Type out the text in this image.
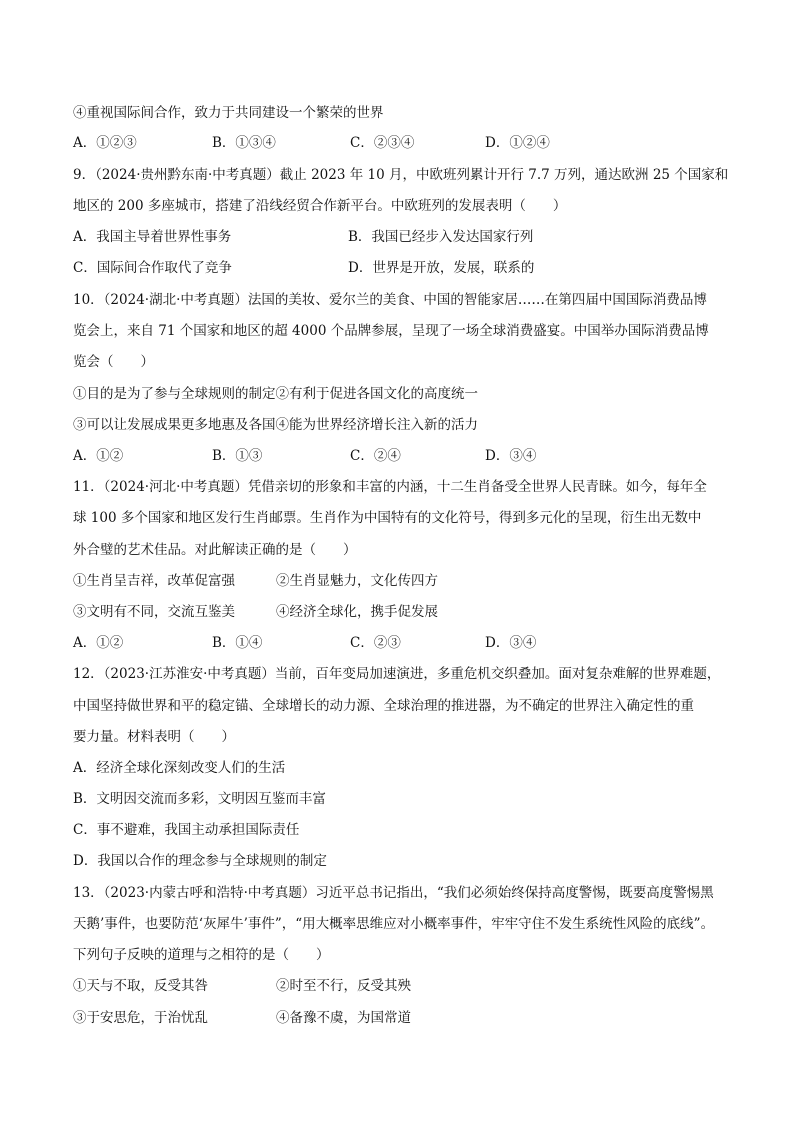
④重视国际间合作，致力于共同建设一个繁荣的世界
A．①②③	B．①③④	C．②③④	D．①②④
9．（2024·贵州黔东南·中考真题）截止 2023 年 10 月，中欧班列累计开行 7.7 万列，通达欧洲 25 个国家和
地区的 200 多座城市，搭建了沿线经贸合作新平台。中欧班列的发展表明（　　）
A．我国主导着世界性事务	B．我国已经步入发达国家行列
C．国际间合作取代了竞争	D．世界是开放，发展，联系的
10．（2024·湖北·中考真题）法国的美妆、爱尔兰的美食、中国的智能家居……在第四届中国国际消费品博
览会上，来自 71 个国家和地区的超 4000 个品牌参展，呈现了一场全球消费盛宴。中国举办国际消费品博
览会（　　）
①目的是为了参与全球规则的制定②有利于促进各国文化的高度统一
③可以让发展成果更多地惠及各国④能为世界经济增长注入新的活力
A．①②	B．①③	C．②④	D．③④
11．（2024·河北·中考真题）凭借亲切的形象和丰富的内涵，十二生肖备受全世界人民青睐。如今，每年全
球 100 多个国家和地区发行生肖邮票。生肖作为中国特有的文化符号，得到多元化的呈现，衍生出无数中
外合璧的艺术佳品。对此解读正确的是（　　）
①生肖呈吉祥，改革促富强	②生肖显魅力，文化传四方
③文明有不同，交流互鉴美	④经济全球化，携手促发展
A．①②	B．①④	C．②③	D．③④
12．（2023·江苏淮安·中考真题）当前，百年变局加速演进，多重危机交织叠加。面对复杂难解的世界难题，
中国坚持做世界和平的稳定锚、全球增长的动力源、全球治理的推进器，为不确定的世界注入确定性的重
要力量。材料表明（　　）
A．经济全球化深刻改变人们的生活
B．文明因交流而多彩，文明因互鉴而丰富
C．事不避难，我国主动承担国际责任
D．我国以合作的理念参与全球规则的制定
13．（2023·内蒙古呼和浩特·中考真题）习近平总书记指出，“我们必须始终保持高度警惕，既要高度警惕黑
天鹅’事件，也要防范‘灰犀牛’事件”，“用大概率思维应对小概率事件，牢牢守住不发生系统性风险的底线”。
下列句子反映的道理与之相符的是（　　）
①天与不取，反受其咎	②时至不行，反受其殃
③于安思危，于治忧乱	④备豫不虞，为国常道
